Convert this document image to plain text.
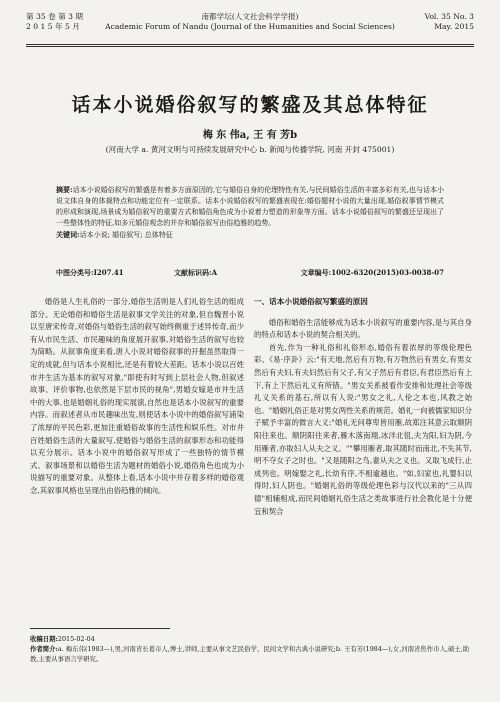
第 35 卷 第 3 期
2 0 1 5 年 5 月
南都学坛(人文社会科学学报)
Academic Forum of Nandu (Journal of the Humanities and Social Sciences)
Vol. 35 No. 3
May. 2015
话本小说婚俗叙写的繁盛及其总体特征
梅 东 伟a, 王 有 芳b
(河南大学 a. 黄河文明与可持续发展研究中心 b. 新闻与传播学院, 河南 开封 475001)

摘要:话本小说婚俗叙写的繁盛是有着多方面原因的,它与婚俗自身的伦理特性有关,与民间婚俗生活的丰富多彩有关,也与话本小说文体自身的体裁特点和功能定位有一定联系。话本小说婚俗叙写的繁盛表现在:婚俗题材小说的大量出现,婚俗叙事情节模式的形成和演现,场景成为婚俗叙写的重要方式和婚俗角色成为小说着力塑造的形象等方面。话本小说婚俗叙写的繁盛还呈现出了一些整体性的特征,如多元婚俗观念的并存和婚俗叙写由俗趋雅的趋势。

关键词:话本小说; 婚俗叙写; 总体特征

中图分类号:I207.41	文献标识码:A	文章编号:1002-6320(2015)03-0038-07

婚俗是人生礼俗的一部分,婚俗生活则是人们礼俗生活的组成部分。无论婚俗和婚俗生活是叙事文学关注的对象,但自魏晋小说以至唐宋传奇,对婚俗与婚俗生活的叙写始终侧重于述异传奇,而少有从市民生活、市民趣味的角度展开叙事,对婚俗生活的叙写也较为简略。从叙事角度来看,唐人小说对婚俗叙事的开掘虽然取得一定的成就,但与话本小说相比,还是有着较大差距。话本小说以百姓市井生活为基本的叙写对象,"即使有时写到上层社会人物,但叙述故事、评价事物,也依然是下层市民的视角",男婚女嫁是市井生活中的大事,也是婚姻礼俗的现实展演,自然也是话本小说叙写的重要内容。而叙述者从市民趣味出发,则使话本小说中的婚俗叙写浦染了浓厚的平民色彩,更加注重婚俗故事的生活性和娱乐性。对市井百姓婚俗生活的大量叙写,使婚俗与婚俗生活的叙事形态和功能得以充分展示。话本小说中的婚俗叙写形成了一些独特的情节模式、叙事场景和以婚俗生活为题材的婚俗小说,婚俗角色也成为小说描写的重要对象。从整体上看,话本小说中并存着多样的婚俗观念,其叙事风格也呈现出由俗趋雅的倾向。

一、话本小说婚俗叙写繁盛的原因

婚俗和婚俗生活能够成为话本小说叙写的重要内容,是与其自身的特点和话本小说的契合相关的。

首先,作为一种礼俗和礼俗形态,婚俗有着浓厚的等级伦理色彩。《易·序卦》云:"有天地,然后有万物,有万物然后有男女,有男女然后有夫妇,有夫妇然后有父子,有父子然后有君臣,有君臣然后有上下,有上下然后礼义有所错。"男女关系被看作安排和处理社会等级礼义关系的基石,所以有人说:"男女之礼,人伦之本也,风教之始也。"婚姻礼俗正是对男女两性关系的规范。婚礼一向被儒家知识分子赋予丰富的微言大义:"婚礼无问尊卑皆用雁,故郑注其意云取顺阴阳往来也。顺阴阳往来者,雁木落南翔,冰泮北徂,夫为阳,妇为阴,今用雁者,亦取妇人从夫之义。""攀用雁者,取其随时而南北,不失其节,明不夺女子之时也。"又是随阳之鸟,妻从夫之义也。又取飞成行,止成列也。明嫁娶之礼,长幼有序,不相逾越也。"如,妇家也,礼婴妇以得时,妇人阴也。"婚姻礼俗的等级伦理色彩与汉代以来的"三从四德"相辅相成,而民间婚姻礼俗生活之类故事进行社会教化是十分便宜和契合

收稿日期:2015-02-04
作者简介:a. 梅东伟(1983—),男,河南省长葛市人,博士,讲师,主要从事文艺民俗学、民间文学和古典小说研究;b. 王有芳(1984—),女,河南省焦作市人,硕士,助教,主要从事语言学研究。
